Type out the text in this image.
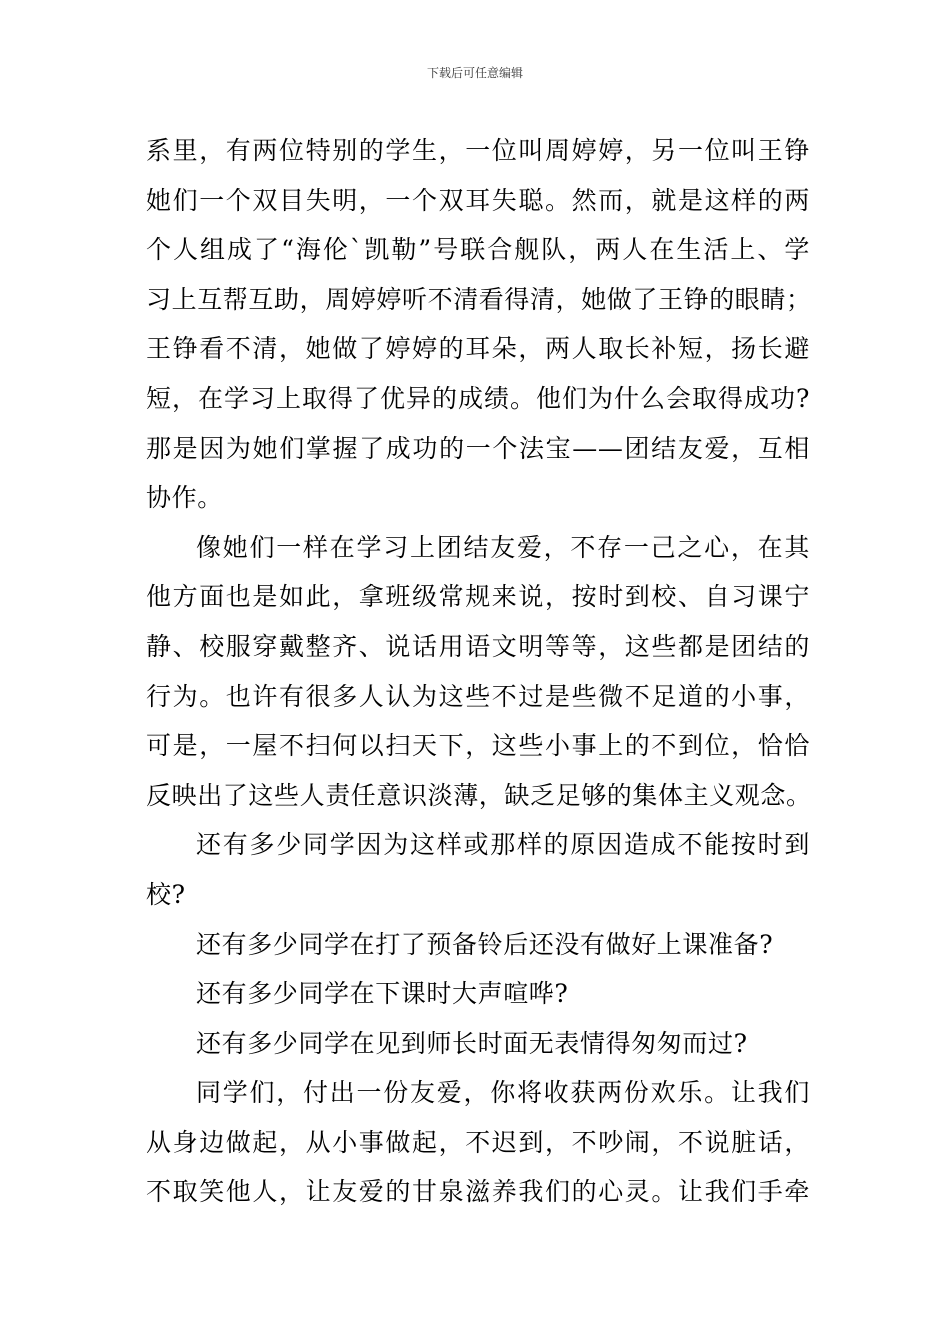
下载后可任意编辑
系里，有两位特别的学生，一位叫周婷婷，另一位叫王铮
她们一个双目失明，一个双耳失聪。然而，就是这样的两
个人组成了“海伦`凯勒”号联合舰队，两人在生活上、学
习上互帮互助，周婷婷听不清看得清，她做了王铮的眼睛；
王铮看不清，她做了婷婷的耳朵，两人取长补短，扬长避
短，在学习上取得了优异的成绩。他们为什么会取得成功?
那是因为她们掌握了成功的一个法宝——团结友爱，互相
协作。
像她们一样在学习上团结友爱，不存一己之心，在其
他方面也是如此，拿班级常规来说，按时到校、自习课宁
静、校服穿戴整齐、说话用语文明等等，这些都是团结的
行为。也许有很多人认为这些不过是些微不足道的小事，
可是，一屋不扫何以扫天下，这些小事上的不到位，恰恰
反映出了这些人责任意识淡薄，缺乏足够的集体主义观念。
还有多少同学因为这样或那样的原因造成不能按时到
校?
还有多少同学在打了预备铃后还没有做好上课准备?
还有多少同学在下课时大声喧哗?
还有多少同学在见到师长时面无表情得匆匆而过?
同学们，付出一份友爱，你将收获两份欢乐。让我们
从身边做起，从小事做起，不迟到，不吵闹，不说脏话，
不取笑他人，让友爱的甘泉滋养我们的心灵。让我们手牵
